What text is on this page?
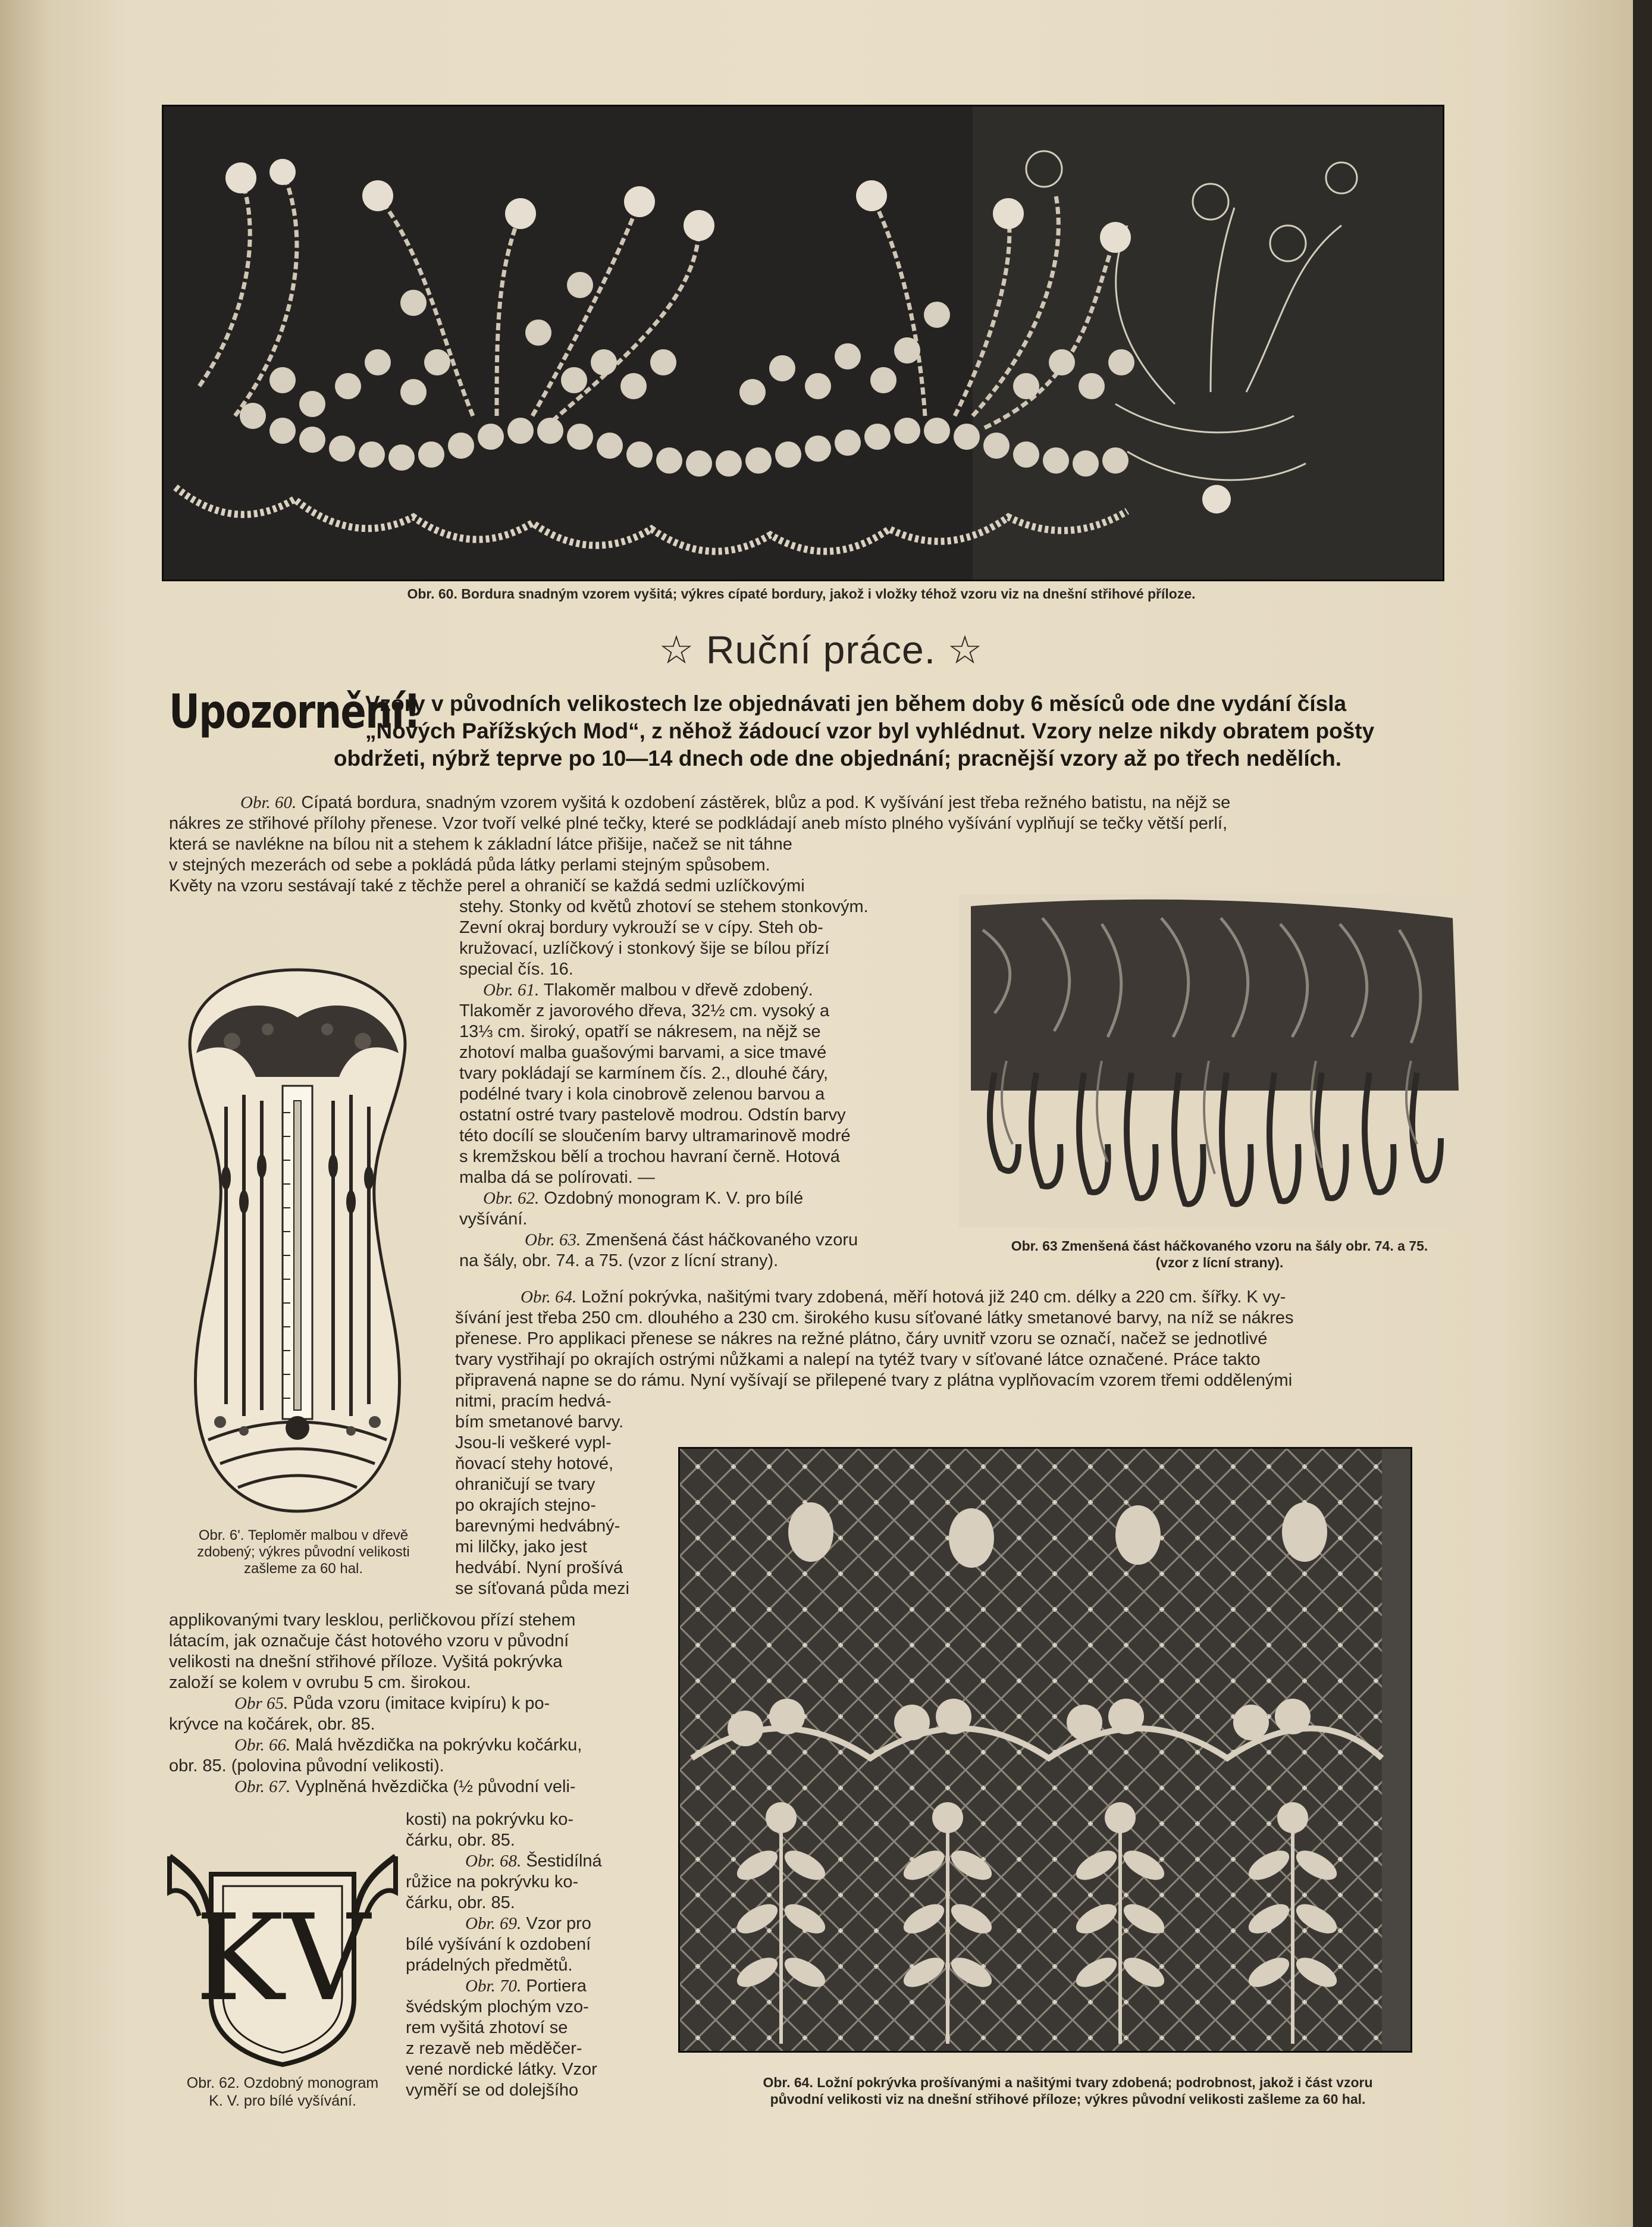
Obr. 60. Bordura snadným vzorem vyšitá; výkres cípaté bordury, jakož i vložky téhož vzoru viz na dnešní střihové příloze.
☆ Ruční práce. ☆
Upozornění!
Vzory v původních velikostech lze objednávati jen během doby 6 měsíců ode dne vydání čísla
„Nových Pařížských Mod“, z něhož žádoucí vzor byl vyhlédnut. Vzory nelze nikdy obratem pošty
obdržeti, nýbrž teprve po 10—14 dnech ode dne objednání; pracnější vzory až po třech nedělích.

Obr. 60. Cípatá bordura, snadným vzorem vyšitá k ozdobení zástěrek, blůz a pod. K vyšívání jest třeba režného batistu, na nějž se

nákres ze střihové přílohy přenese. Vzor tvoří velké plné tečky, které se podkládají aneb místo plného vyšívání vyplňují se tečky větší perlí,

která se navlékne na bílou nit a stehem k základní látce přišije, načež se nit táhne

v stejných mezerách od sebe a pokládá půda látky perlami stejným spůsobem.

Květy na vzoru sestávají také z těchže perel a ohraničí se každá sedmi uzlíčkovými

Obr. 63 Zmenšená část háčkovaného vzoru na šály obr. 74. a 75.
(vzor z lícní strany).
Obr. 6'. Teploměr malbou v dřevě
zdobený; výkres původní velikosti
zašleme za 60 hal.

stehy. Stonky od květů zhotoví se stehem stonkovým.

Zevní okraj bordury vykrouží se v cípy. Steh ob-

kružovací, uzlíčkový i stonkový šije se bílou přízí

special čís. 16.

Obr. 61. Tlakoměr malbou v dřevě zdobený.

Tlakoměr z javorového dřeva, 32½ cm. vysoký a

13⅓ cm. široký, opatří se nákresem, na nějž se

zhotoví malba guašovými barvami, a sice tmavé

tvary pokládají se karmínem čís. 2., dlouhé čáry,

podélné tvary i kola cinobrově zelenou barvou a

ostatní ostré tvary pastelově modrou. Odstín barvy

této docílí se sloučením barvy ultramarinově modré

s kremžskou bělí a trochou havraní černě. Hotová

malba dá se polírovati. —

Obr. 62. Ozdobný monogram K. V. pro bílé

vyšívání.

Obr. 63. Zmenšená část háčkovaného vzoru

na šály, obr. 74. a 75. (vzor z lícní strany).

Obr. 64. Ložní pokrývka, našitými tvary zdobená, měří hotová již 240 cm. délky a 220 cm. šířky. K vy-

šívání jest třeba 250 cm. dlouhého a 230 cm. širokého kusu síťované látky smetanové barvy, na níž se nákres

přenese. Pro applikaci přenese se nákres na režné plátno, čáry uvnitř vzoru se označí, načež se jednotlivé

tvary vystřihají po okrajích ostrými nůžkami a nalepí na tytéž tvary v síťované látce označené. Práce takto

připravená napne se do rámu. Nyní vyšívají se přilepené tvary z plátna vyplňovacím vzorem třemi oddělenými

nitmi, pracím hedvá-

bím smetanové barvy.

Jsou-li veškeré vypl-

ňovací stehy hotové,

ohraničují se tvary

po okrajích stejno-

barevnými hedvábný-

mi lilčky, jako jest

hedvábí. Nyní prošívá

se síťovaná půda mezi

applikovanými tvary lesklou, perličkovou přízí stehem

látacím, jak označuje část hotového vzoru v původní

velikosti na dnešní střihové příloze. Vyšitá pokrývka

založí se kolem v ovrubu 5 cm. širokou.

Obr 65. Půda vzoru (imitace kvipíru) k po-

krývce na kočárek, obr. 85.

Obr. 66. Malá hvězdička na pokrývku kočárku,

obr. 85. (polovina původní velikosti).

Obr. 67. Vyplněná hvězdička (½ původní veli-

kosti) na pokrývku ko-

čárku, obr. 85.

Obr. 68. Šestidílná

růžice na pokrývku ko-

čárku, obr. 85.

Obr. 69. Vzor pro

bílé vyšívání k ozdobení

prádelných předmětů.

Obr. 70. Portiera

švédským plochým vzo-

rem vyšitá zhotoví se

z rezavě neb měděčer-

vené nordické látky. Vzor

vyměří se od dolejšího

KV
Obr. 62. Ozdobný monogram
K. V. pro bílé vyšívání.
Obr. 64. Ložní pokrývka prošívanými a našitými tvary zdobená; podrobnost, jakož i část vzoru
původní velikosti viz na dnešní střihové příloze; výkres původní velikosti zašleme za 60 hal.
